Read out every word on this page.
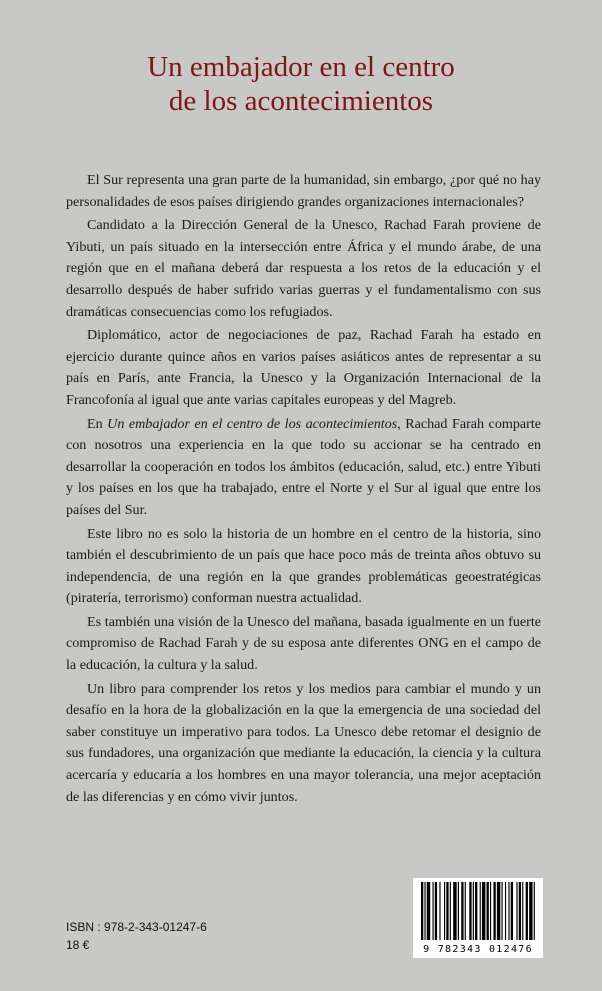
Un embajador en el centro
de los acontecimientos

El Sur representa una gran parte de la humanidad, sin embargo, ¿por qué no hay personalidades de esos países dirigiendo grandes organizaciones internacionales?

Candidato a la Dirección General de la Unesco, Rachad Farah proviene de Yibuti, un país situado en la intersección entre África y el mundo árabe, de una región que en el mañana deberá dar respuesta a los retos de la educación y el desarrollo después de haber sufrido varias guerras y el fundamentalismo con sus dramáticas consecuencias como los refugiados.

Diplomático, actor de negociaciones de paz, Rachad Farah ha estado en ejercicio durante quince años en varios países asiáticos antes de representar a su país en París, ante Francia, la Unesco y la Organización Internacional de la Francofonía al igual que ante varias capitales europeas y del Magreb.

En Un embajador en el centro de los acontecimientos, Rachad Farah comparte con nosotros una experiencia en la que todo su accionar se ha centrado en desarrollar la cooperación en todos los ámbitos (educación, salud, etc.) entre Yibuti y los países en los que ha trabajado, entre el Norte y el Sur al igual que entre los países del Sur.

Este libro no es solo la historia de un hombre en el centro de la historia, sino también el descubrimiento de un país que hace poco más de treinta años obtuvo su independencia, de una región en la que grandes problemáticas geoestratégicas (piratería, terrorismo) conforman nuestra actualidad.

Es también una visión de la Unesco del mañana, basada igualmente en un fuerte compromiso de Rachad Farah y de su esposa ante diferentes ONG en el campo de la educación, la cultura y la salud.

Un libro para comprender los retos y los medios para cambiar el mundo y un desafío en la hora de la globalización en la que la emergencia de una sociedad del saber constituye un imperativo para todos. La Unesco debe retomar el designio de sus fundadores, una organización que mediante la educación, la ciencia y la cultura acercaría y educaría a los hombres en una mayor tolerancia, una mejor aceptación de las diferencias y en cómo vivir juntos.

ISBN : 978-2-343-01247-6
18 €	9 782343 012476
